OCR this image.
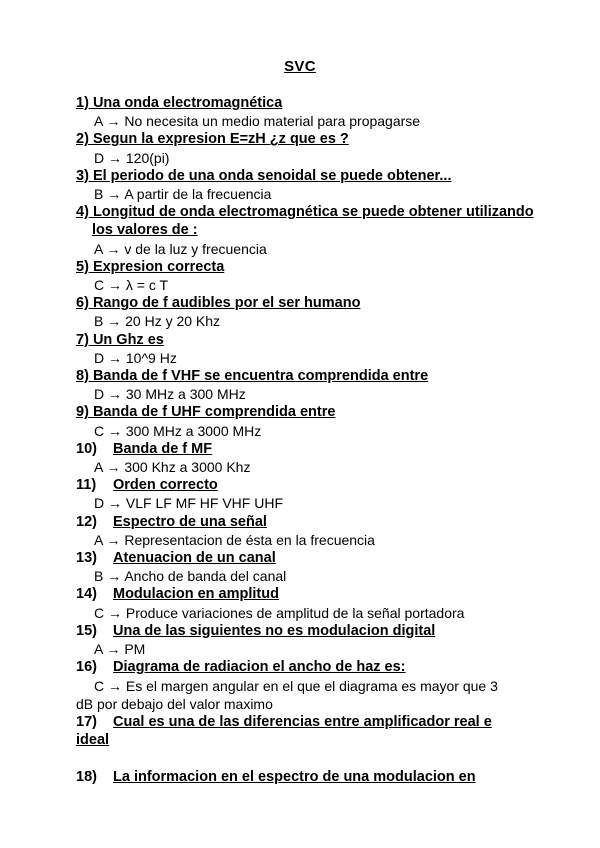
SVC

1) Una onda electromagnética

A → No necesita un medio material para propagarse

2) Segun la expresion E=zH ¿z que es ?

D → 120(pi)

3) El periodo de una onda senoidal se puede obtener...

B → A partir de la frecuencia

4) Longitud de onda electromagnética se puede obtener utilizando los valores de :

A → v de la luz y frecuencia

5) Expresion correcta

C → λ = c T

6) Rango de f audibles por el ser humano

B → 20 Hz y 20 Khz

7) Un Ghz es

D → 10^9 Hz

8) Banda de f VHF se encuentra comprendida entre

D → 30 MHz a 300 MHz

9) Banda de f UHF comprendida entre

C → 300 MHz a 3000 MHz

10) Banda de f MF

A → 300 Khz a 3000 Khz

11) Orden correcto

D → VLF LF MF HF VHF UHF

12) Espectro de una señal

A → Representacion de ésta en la frecuencia

13) Atenuacion de un canal

B → Ancho de banda del canal

14) Modulacion en amplitud

C → Produce variaciones de amplitud de la señal portadora

15) Una de las siguientes no es modulacion digital

A → PM

16) Diagrama de radiacion el ancho de haz es:

C → Es el margen angular en el que el diagrama es mayor que 3
dB por debajo del valor maximo

17) Cual es una de las diferencias entre amplificador real e

ideal

18) La informacion en el espectro de una modulacion en
